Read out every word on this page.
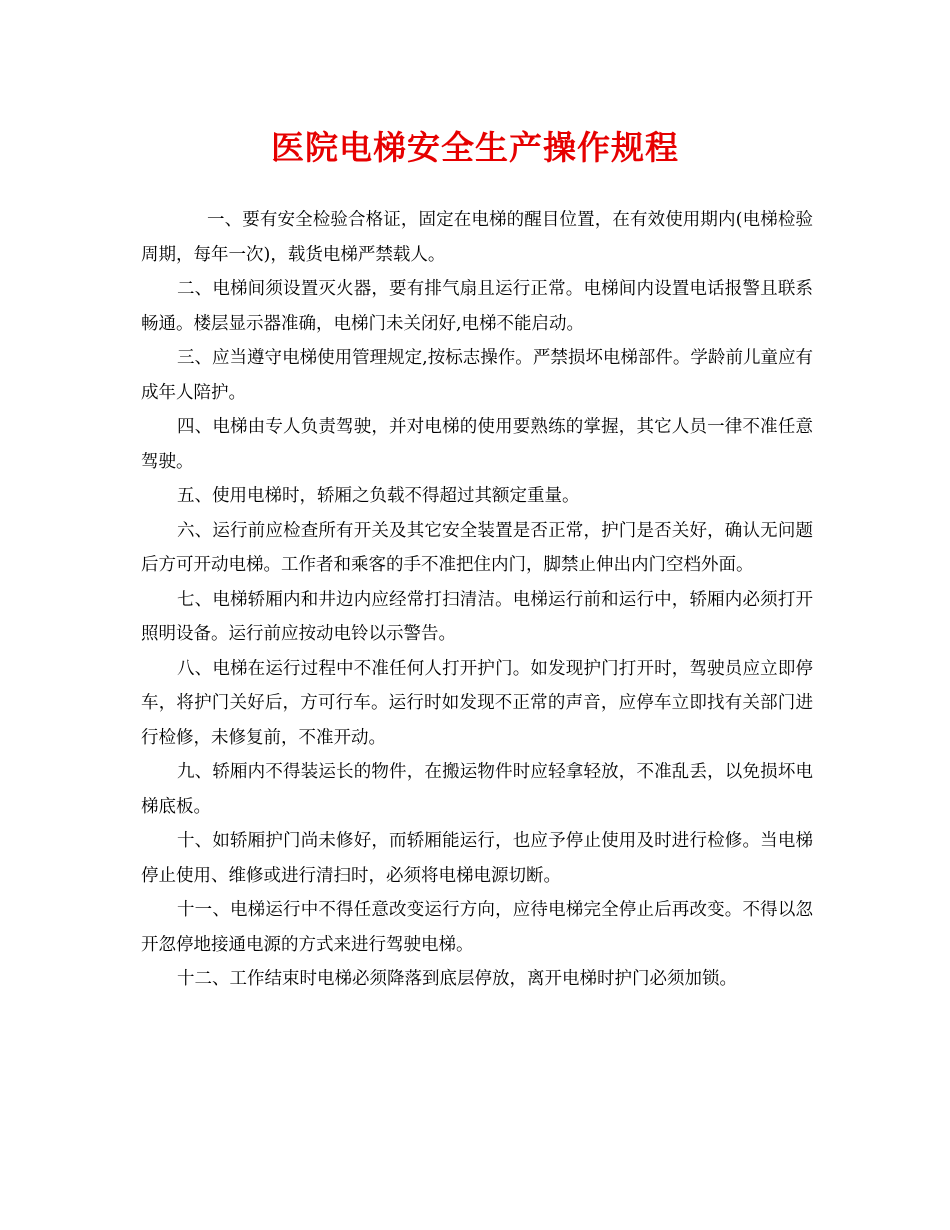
医院电梯安全生产操作规程

一、要有安全检验合格证，固定在电梯的醒目位置，在有效使用期内(电梯检验周期，每年一次)，载货电梯严禁载人。

二、电梯间须设置灭火器，要有排气扇且运行正常。电梯间内设置电话报警且联系畅通。楼层显示器准确，电梯门未关闭好,电梯不能启动。

三、应当遵守电梯使用管理规定,按标志操作。严禁损坏电梯部件。学龄前儿童应有成年人陪护。

四、电梯由专人负责驾驶，并对电梯的使用要熟练的掌握，其它人员一律不准任意驾驶。

五、使用电梯时，轿厢之负载不得超过其额定重量。

六、运行前应检查所有开关及其它安全装置是否正常，护门是否关好，确认无问题后方可开动电梯。工作者和乘客的手不准把住内门，脚禁止伸出内门空档外面。

七、电梯轿厢内和井边内应经常打扫清洁。电梯运行前和运行中，轿厢内必须打开照明设备。运行前应按动电铃以示警告。

八、电梯在运行过程中不准任何人打开护门。如发现护门打开时，驾驶员应立即停车，将护门关好后，方可行车。运行时如发现不正常的声音，应停车立即找有关部门进行检修，未修复前，不准开动。

九、轿厢内不得装运长的物件，在搬运物件时应轻拿轻放，不准乱丢，以免损坏电梯底板。

十、如轿厢护门尚未修好，而轿厢能运行，也应予停止使用及时进行检修。当电梯停止使用、维修或进行清扫时，必须将电梯电源切断。

十一、电梯运行中不得任意改变运行方向，应待电梯完全停止后再改变。不得以忽开忽停地接通电源的方式来进行驾驶电梯。

十二、工作结束时电梯必须降落到底层停放，离开电梯时护门必须加锁。
